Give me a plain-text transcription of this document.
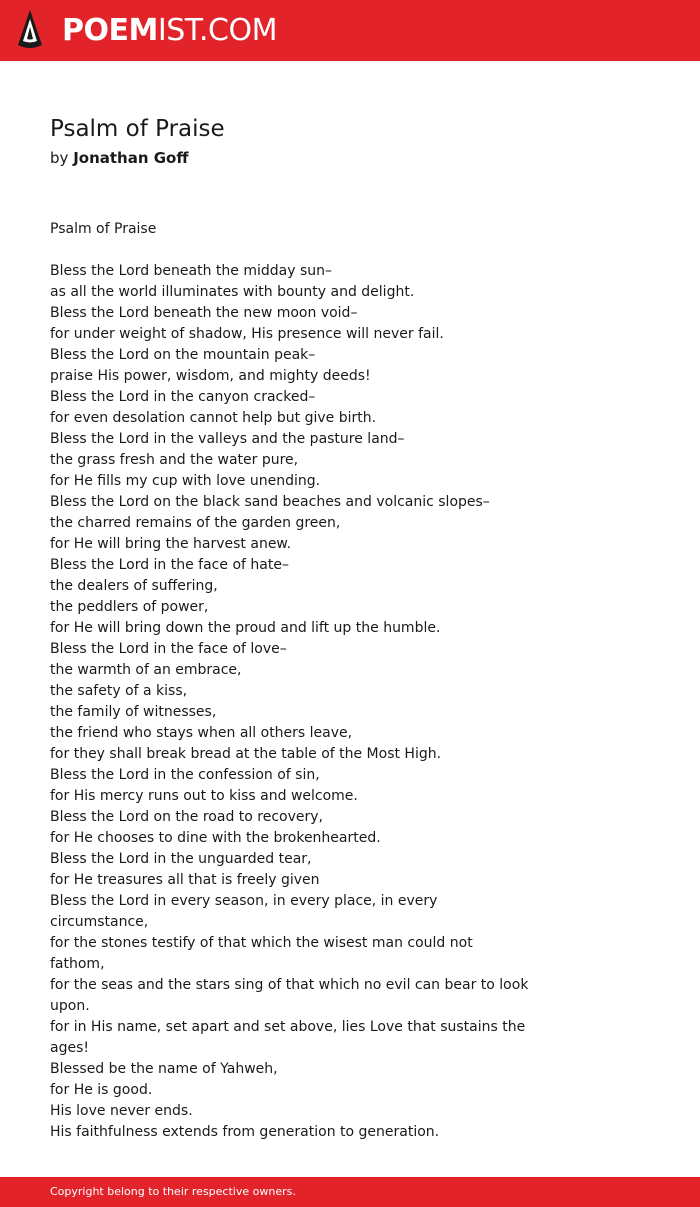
POEMIST.COM
Psalm of Praise
by Jonathan Goff
Psalm of Praise
Bless the Lord beneath the midday sun–
as all the world illuminates with bounty and delight.
Bless the Lord beneath the new moon void–
for under weight of shadow, His presence will never fail.
Bless the Lord on the mountain peak–
praise His power, wisdom, and mighty deeds!
Bless the Lord in the canyon cracked–
for even desolation cannot help but give birth.
Bless the Lord in the valleys and the pasture land–
the grass fresh and the water pure,
for He fills my cup with love unending.
Bless the Lord on the black sand beaches and volcanic slopes–
the charred remains of the garden green,
for He will bring the harvest anew.
Bless the Lord in the face of hate–
the dealers of suffering,
the peddlers of power,
for He will bring down the proud and lift up the humble.
Bless the Lord in the face of love–
the warmth of an embrace,
the safety of a kiss,
the family of witnesses,
the friend who stays when all others leave,
for they shall break bread at the table of the Most High.
Bless the Lord in the confession of sin,
for His mercy runs out to kiss and welcome.
Bless the Lord on the road to recovery,
for He chooses to dine with the brokenhearted.
Bless the Lord in the unguarded tear,
for He treasures all that is freely given
Bless the Lord in every season, in every place, in every circumstance,
for the stones testify of that which the wisest man could not fathom,
for the seas and the stars sing of that which no evil can bear to look upon.
for in His name, set apart and set above, lies Love that sustains the ages!
Blessed be the name of Yahweh,
for He is good.
His love never ends.
His faithfulness extends from generation to generation.
Copyright belong to their respective owners.
